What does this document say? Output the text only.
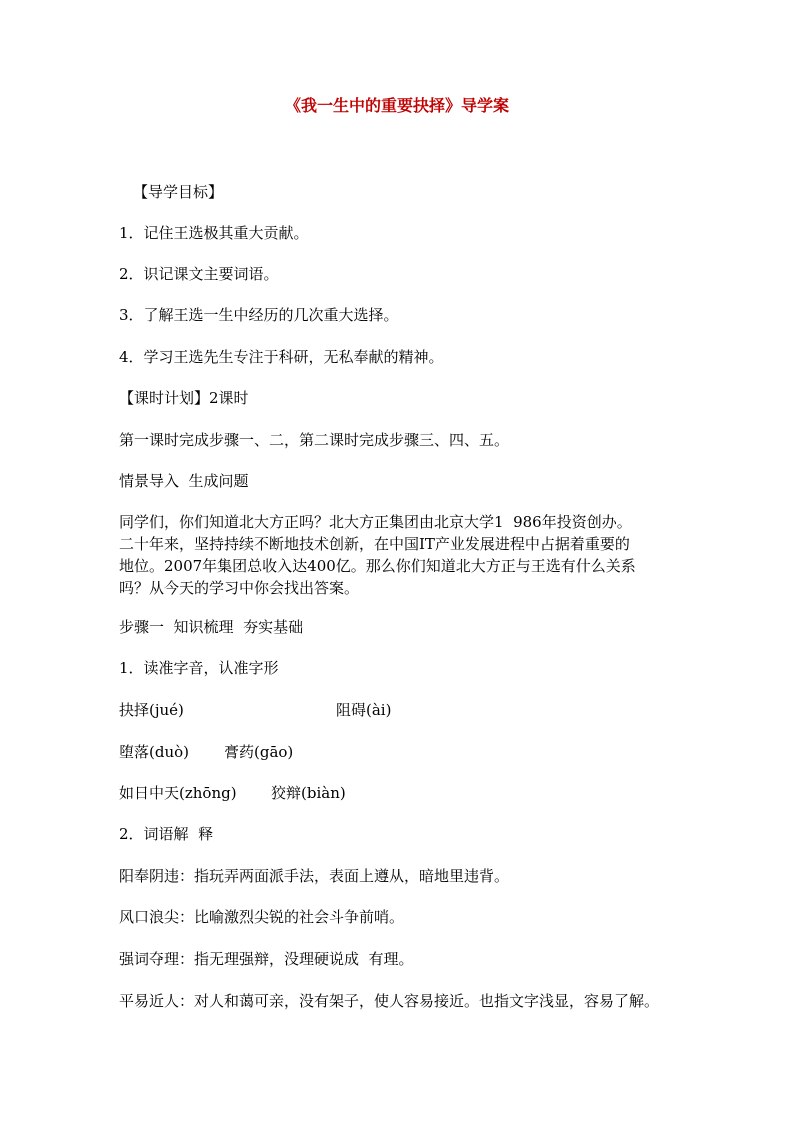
《我一生中的重要抉择》导学案
【导学目标】
1．记住王选极其重大贡献。
2．识记课文主要词语。
3．了解王选一生中经历的几次重大选择。
4．学习王选先生专注于科研，无私奉献的精神。
【课时计划】2课时
第一课时完成步骤一、二，第二课时完成步骤三、四、五。
情景导入  生成问题
同学们，你们知道北大方正吗？北大方正集团由北京大学1  986年投资创办。
二十年来，坚持持续不断地技术创新，在中国IT产业发展进程中占据着重要的
地位。2007年集团总收入达400亿。那么你们知道北大方正与王选有什么关系
吗？从今天的学习中你会找出答案。
步骤一  知识梳理  夯实基础
1．读准字音，认准字形
抉择(jué)	阻碍(ài)
堕落(duò) 膏药(gāo)
如日中天(zhōng) 狡辩(biàn)
2．词语解  释
阳奉阴违：指玩弄两面派手法，表面上遵从，暗地里违背。
风口浪尖：比喻激烈尖锐的社会斗争前哨。
强词夺理：指无理强辩，没理硬说成  有理。
平易近人：对人和蔼可亲，没有架子，使人容易接近。也指文字浅显，容易了解。
